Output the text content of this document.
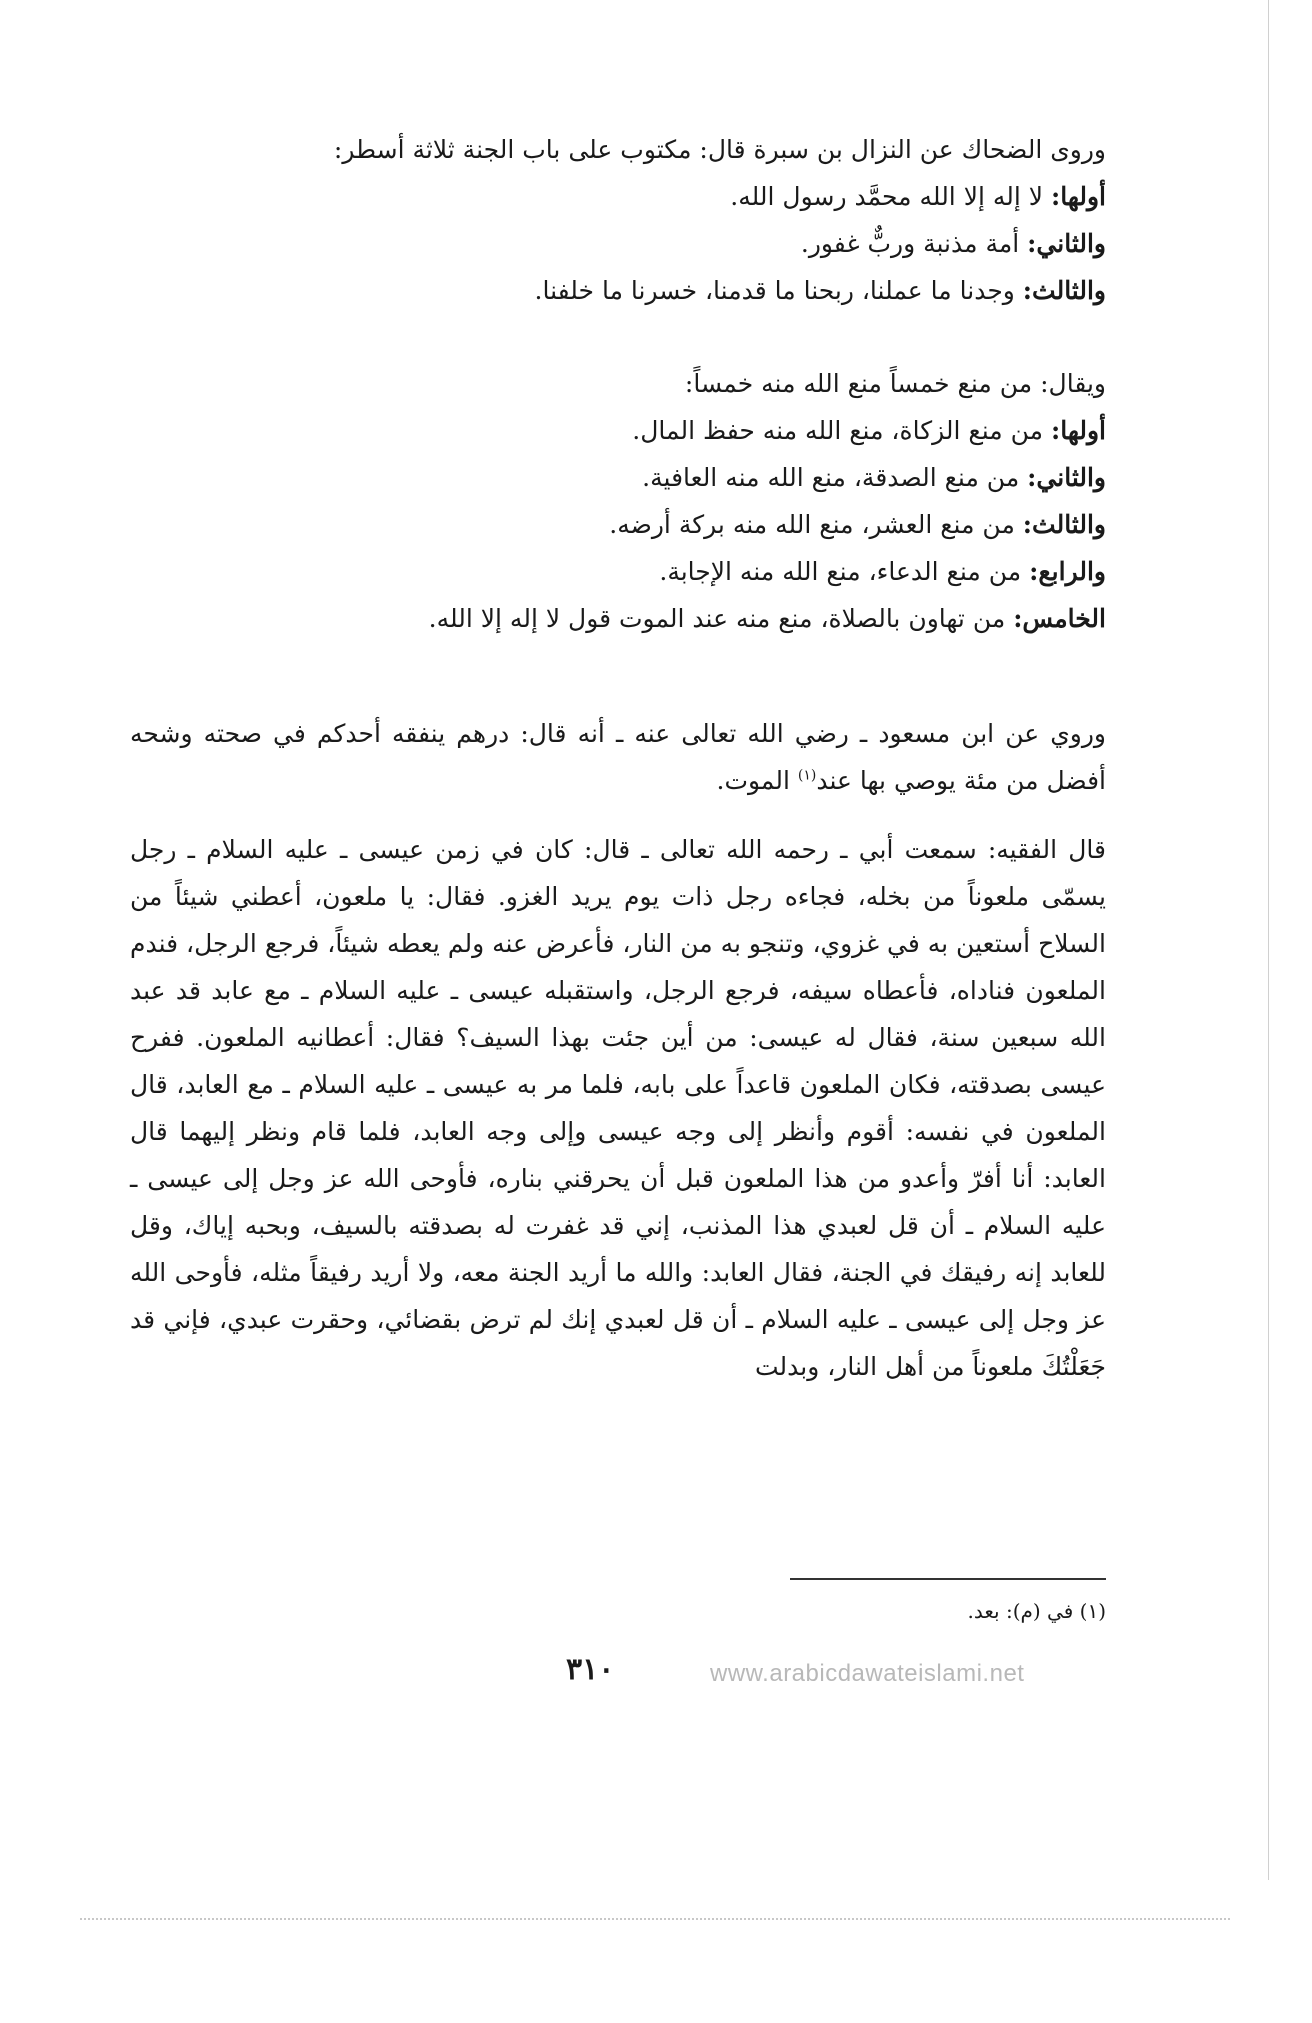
وروى الضحاك عن النزال بن سبرة قال: مكتوب على باب الجنة ثلاثة أسطر:

أولها: لا إله إلا الله محمَّد رسول الله.

والثاني: أمة مذنبة وربٌّ غفور.

والثالث: وجدنا ما عملنا، ربحنا ما قدمنا، خسرنا ما خلفنا.

ويقال: من منع خمساً منع الله منه خمساً:

أولها: من منع الزكاة، منع الله منه حفظ المال.

والثاني: من منع الصدقة، منع الله منه العافية.

والثالث: من منع العشر، منع الله منه بركة أرضه.

والرابع: من منع الدعاء، منع الله منه الإجابة.

الخامس: من تهاون بالصلاة، منع منه عند الموت قول لا إله إلا الله.

وروي عن ابن مسعود ـ رضي الله تعالى عنه ـ أنه قال: درهم ينفقه أحدكم في صحته وشحه أفضل من مئة يوصي بها عند$^{(١)}$ الموت.

قال الفقيه: سمعت أبي ـ رحمه الله تعالى ـ قال: كان في زمن عيسى ـ عليه السلام ـ رجل يسمّى ملعوناً من بخله، فجاءه رجل ذات يوم يريد الغزو. فقال: يا ملعون، أعطني شيئاً من السلاح أستعين به في غزوي، وتنجو به من النار، فأعرض عنه ولم يعطه شيئاً، فرجع الرجل، فندم الملعون فناداه، فأعطاه سيفه، فرجع الرجل، واستقبله عيسى ـ عليه السلام ـ مع عابد قد عبد الله سبعين سنة، فقال له عيسى: من أين جئت بهذا السيف؟ فقال: أعطانيه الملعون. ففرح عيسى بصدقته، فكان الملعون قاعداً على بابه، فلما مر به عيسى ـ عليه السلام ـ مع العابد، قال الملعون في نفسه: أقوم وأنظر إلى وجه عيسى وإلى وجه العابد، فلما قام ونظر إليهما قال العابد: أنا أفرّ وأعدو من هذا الملعون قبل أن يحرقني بناره، فأوحى الله عز وجل إلى عيسى ـ عليه السلام ـ أن قل لعبدي هذا المذنب، إني قد غفرت له بصدقته بالسيف، وبحبه إياك، وقل للعابد إنه رفيقك في الجنة، فقال العابد: والله ما أريد الجنة معه، ولا أريد رفيقاً مثله، فأوحى الله عز وجل إلى عيسى ـ عليه السلام ـ أن قل لعبدي إنك لم ترض بقضائي، وحقرت عبدي، فإني قد جَعَلْتُكَ ملعوناً من أهل النار، وبدلت

(١) في (م): بعد.
٣١٠	www.arabicdawateislami.net
